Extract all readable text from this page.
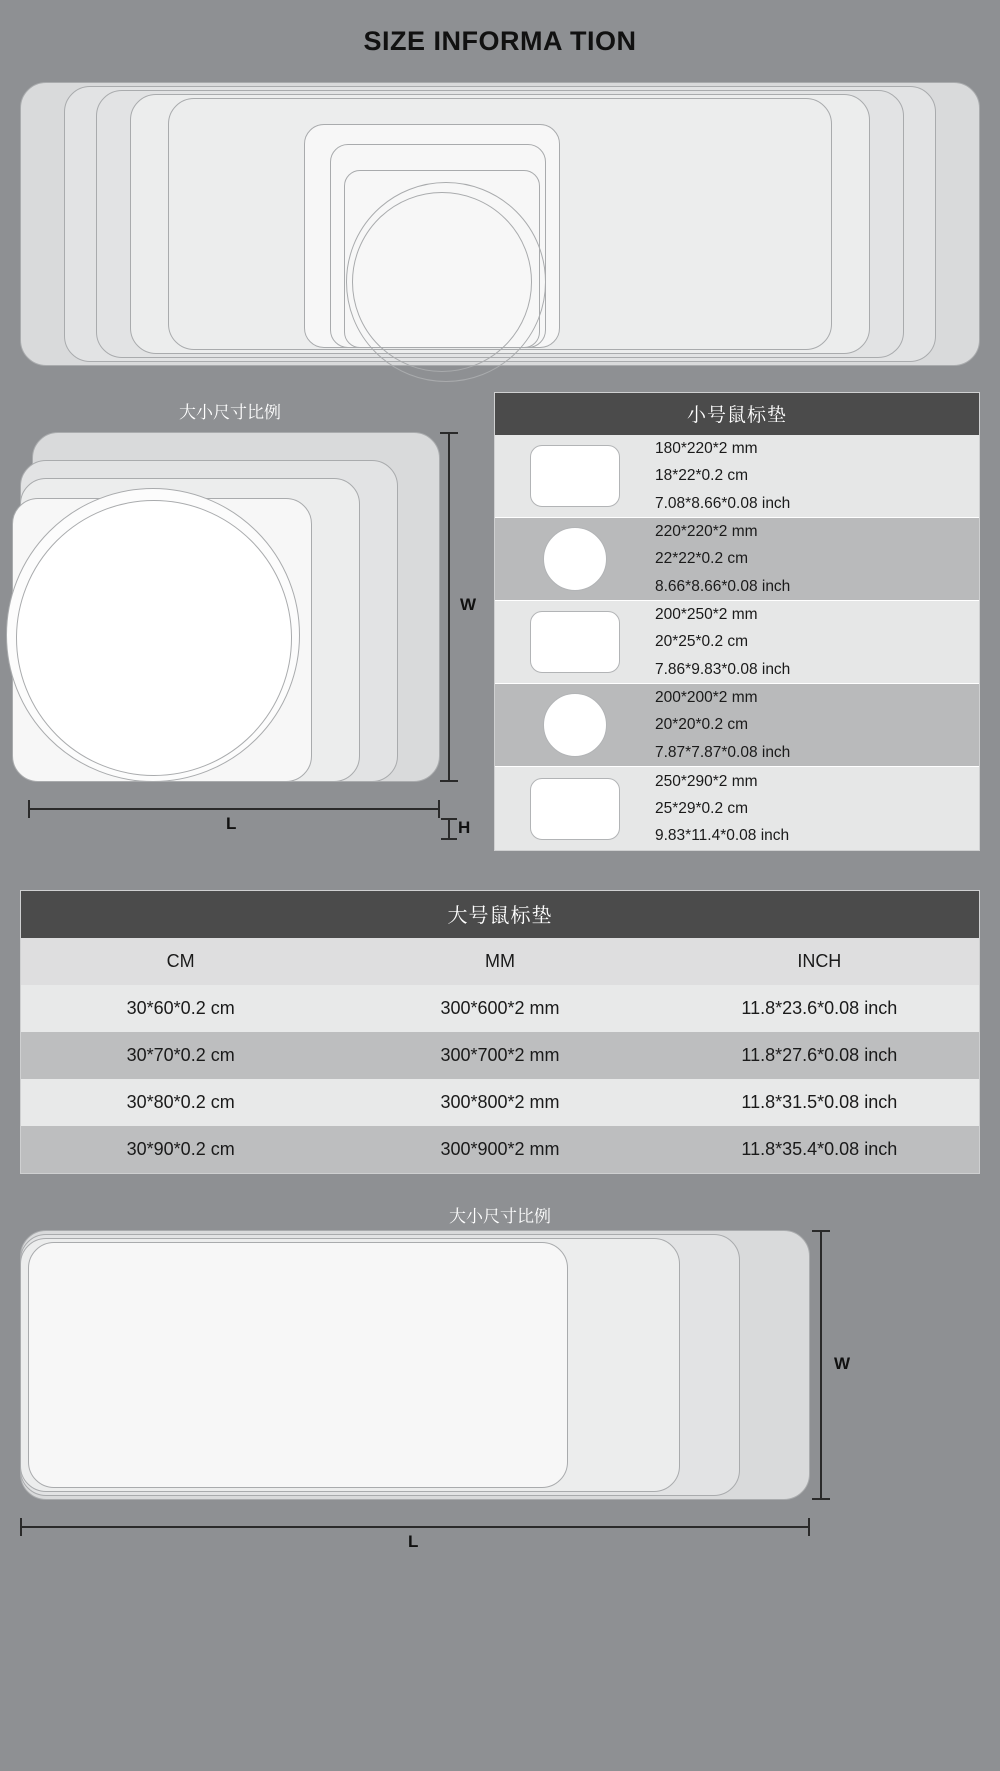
SIZE INFORMA TION
大小尺寸比例
W
L	H
小号鼠标垫
180*220*2 mm
18*22*0.2 cm
7.08*8.66*0.08 inch
220*220*2 mm
22*22*0.2 cm
8.66*8.66*0.08 inch
200*250*2 mm
20*25*0.2 cm
7.86*9.83*0.08 inch
200*200*2 mm
20*20*0.2 cm
7.87*7.87*0.08 inch
250*290*2 mm
25*29*0.2 cm
9.83*11.4*0.08 inch
大号鼠标垫
CM	MM	INCH
30*60*0.2 cm	300*600*2 mm	11.8*23.6*0.08 inch
30*70*0.2 cm	300*700*2 mm	11.8*27.6*0.08 inch
30*80*0.2 cm	300*800*2 mm	11.8*31.5*0.08 inch
30*90*0.2 cm	300*900*2 mm	11.8*35.4*0.08 inch
大小尺寸比例
W
L
